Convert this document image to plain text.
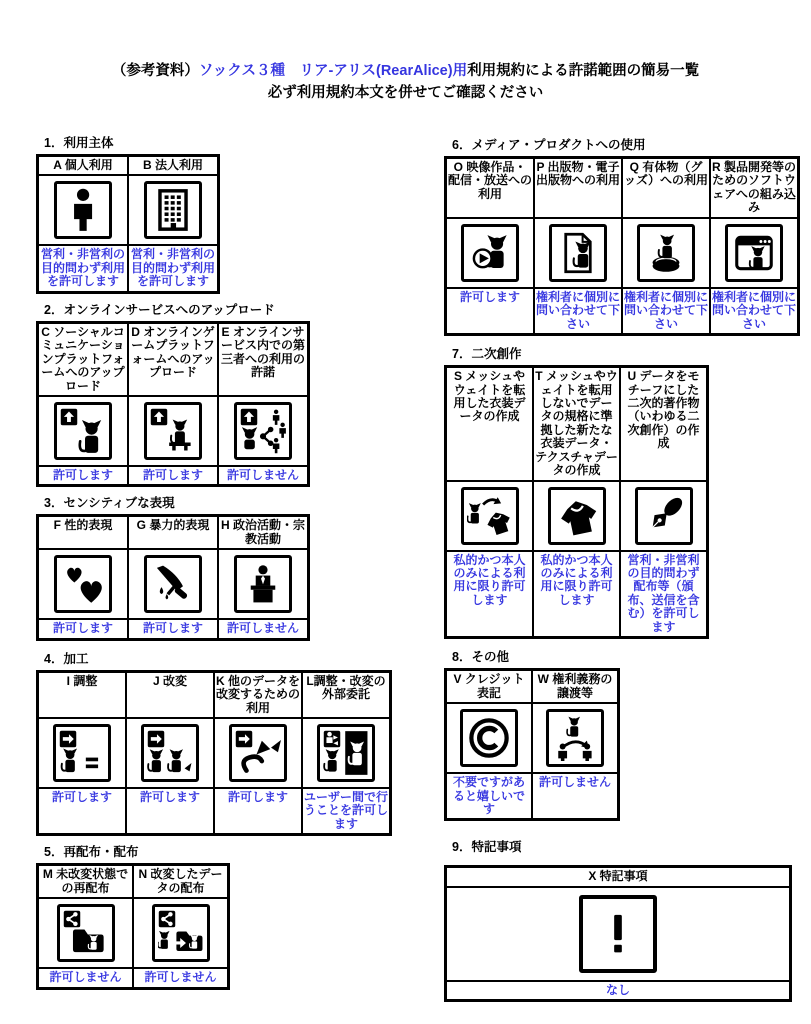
（参考資料）ソックス３種　リア-アリス(RearAlice)用利用規約による許諾範囲の簡易一覧
必ず利用規約本文を併せてご確認ください
1．利用主体
A 個人利用	B 法人利用

営利・非営利の目的問わず利用を許可します	営利・非営利の目的問わず利用を許可します
2．オンラインサービスへのアップロード
C ソーシャルコミュニケーションプラットフォームへのアップロード	D オンラインゲームプラットフォームへのアップロード	E オンラインサービス内での第三者への利用の許諾

許可します	許可します	許可しません
3．センシティブな表現
F 性的表現	G 暴力的表現	H 政治活動・宗教活動

許可します	許可します	許可しません
4．加工
I 調整	J 改変	K 他のデータを改変するための利用	L調整・改変の外部委託

許可します	許可します	許可します	ユーザー間で行うことを許可します
5．再配布・配布
M 未改変状態での再配布	N 改変したデータの配布

許可しません	許可しません
6．メディア・プロダクトへの使用
O 映像作品・配信・放送への利用	P 出版物・電子出版物への利用	Q 有体物（グッズ）への利用	R 製品開発等のためのソフトウェアへの組み込み

許可します	権利者に個別に問い合わせて下さい	権利者に個別に問い合わせて下さい	権利者に個別に問い合わせて下さい
7．二次創作
S メッシュやウェイトを転用した衣装データの作成	T メッシュやウェイトを転用しないでデータの規格に準拠した新たな衣装データ・テクスチャデータの作成	U データをモチーフにした二次的著作物（いわゆる二次創作）の作成

私的かつ本人のみによる利用に限り許可します	私的かつ本人のみによる利用に限り許可します	営利・非営利の目的問わず配布等（頒布、送信を含む）を許可します
8．その他
V クレジット表記	W 権利義務の譲渡等

不要ですがあると嬉しいです	許可しません
9．特記事項
X 特記事項

なし
